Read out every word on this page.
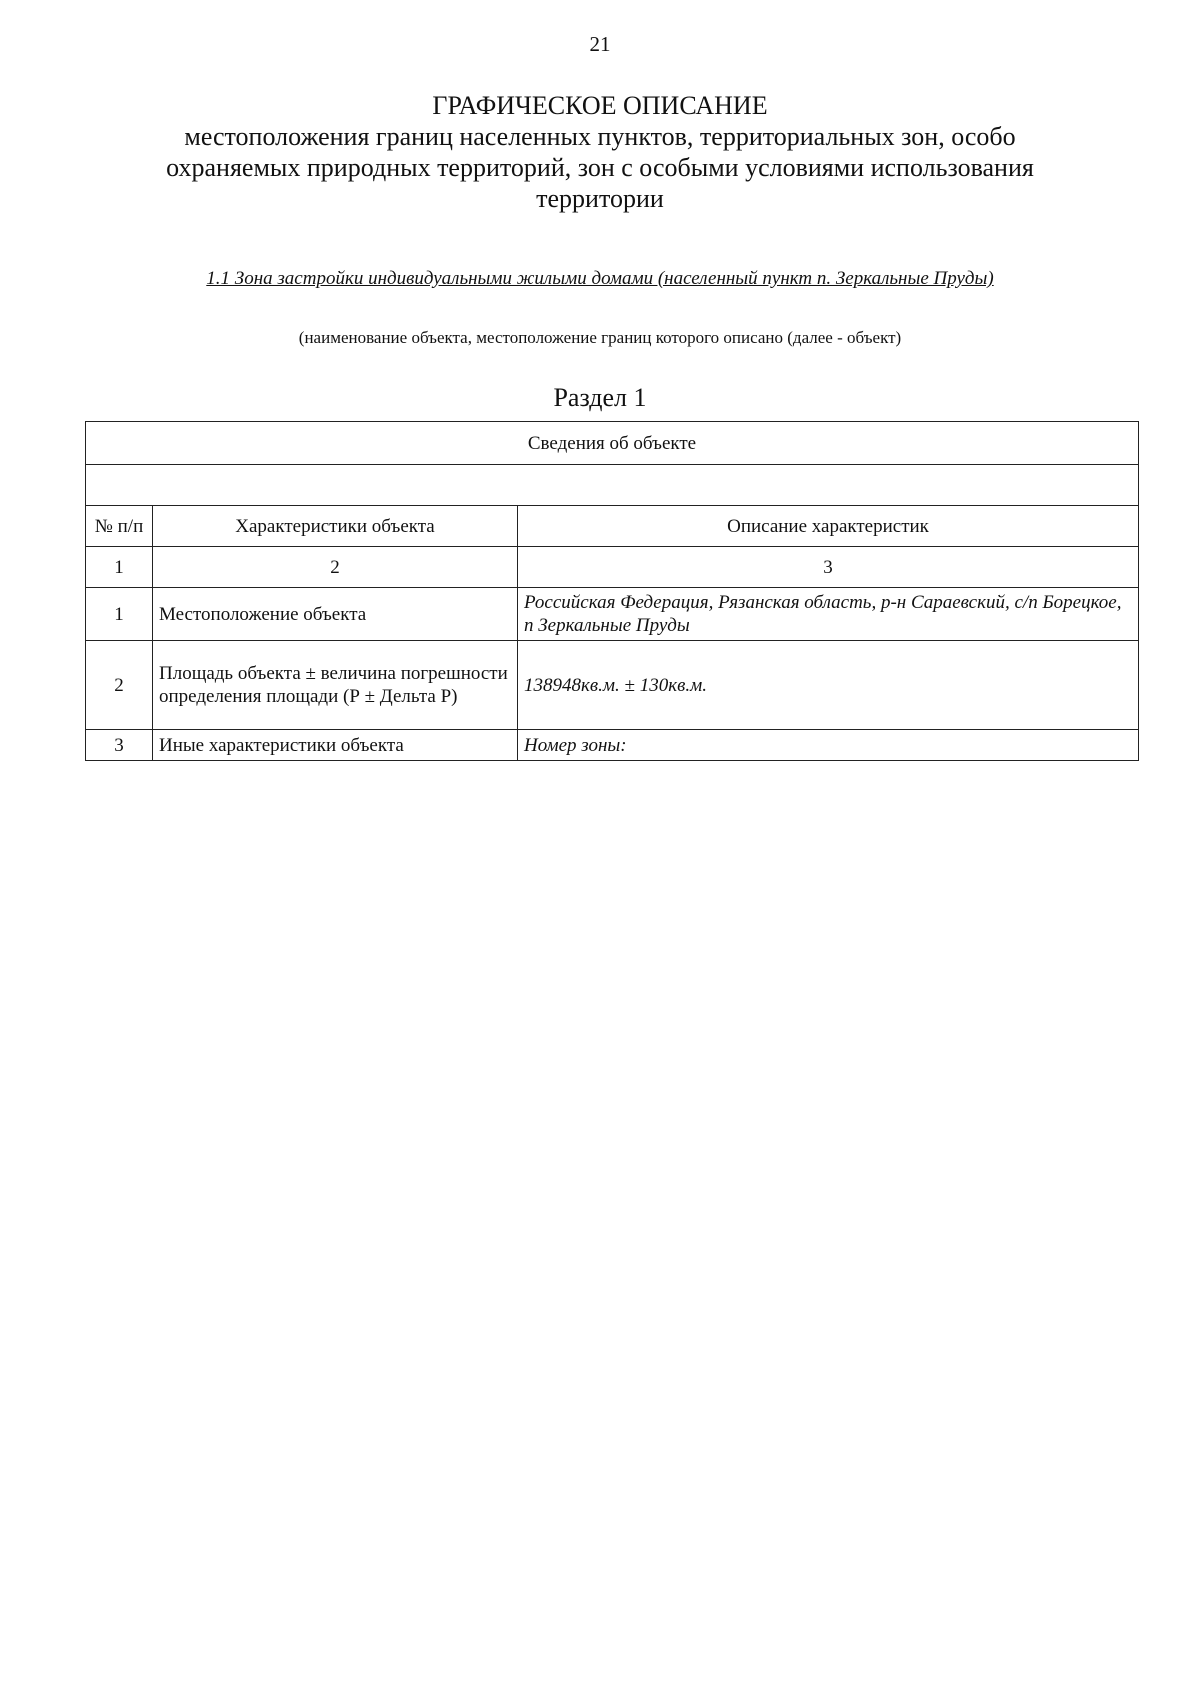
21
ГРАФИЧЕСКОЕ ОПИСАНИЕ

местоположения границ населенных пунктов, территориальных зон, особо

охраняемых природных территорий, зон с особыми условиями использования

территории

1.1 Зона застройки индивидуальными жилыми домами (населенный пункт п. Зеркальные Пруды)
(наименование объекта, местоположение границ которого описано (далее - объект)
Раздел 1
Сведения об объекте		

№ п/п	Характеристики объекта	Описание характеристик
1	2	3
1	Местоположение объекта	Российская Федерация, Рязанская область, р-н Сараевский, с/п Борецкое, п Зеркальные Пруды
2	Площадь объекта ± величина погрешности определения площади (Р ± Дельта Р)	138948кв.м. ± 130кв.м.
3	Иные характеристики объекта	Номер зоны:
